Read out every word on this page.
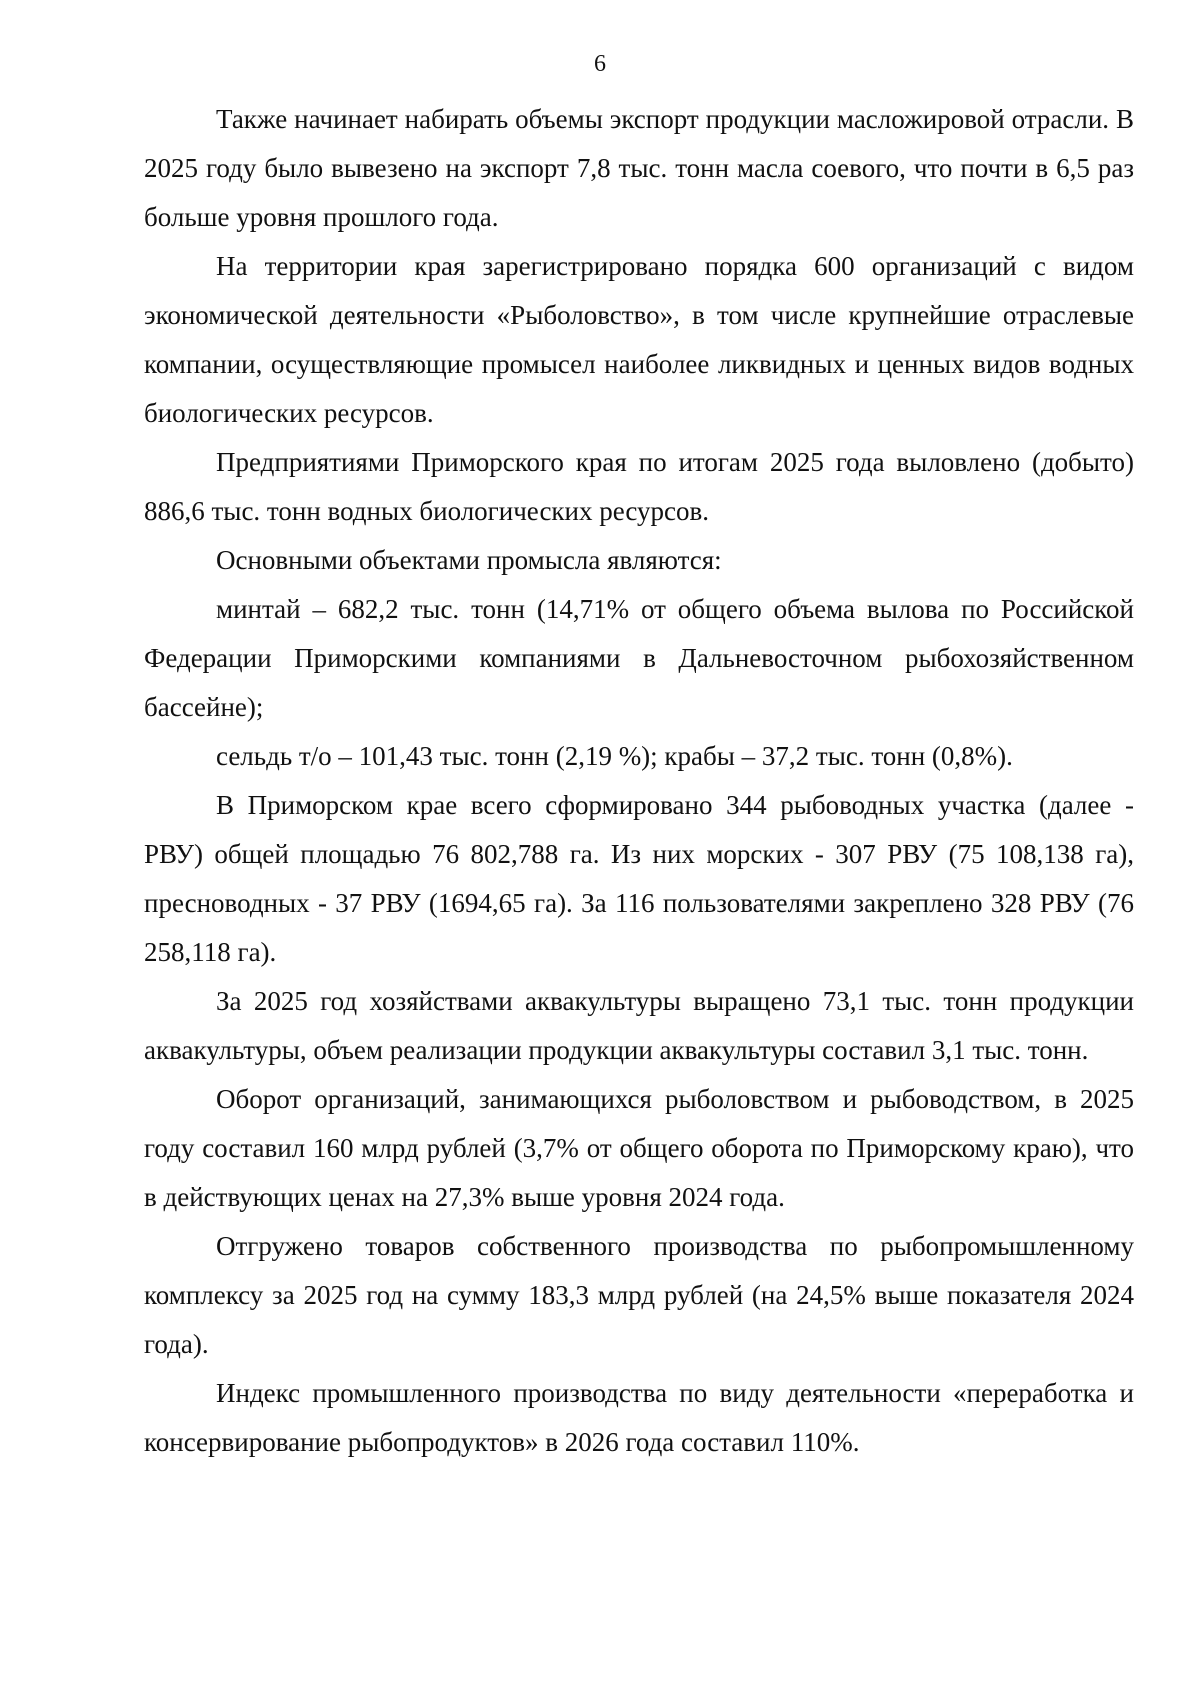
6

Также начинает набирать объемы экспорт продукции масложировой отрасли. В 2025 году было вывезено на экспорт 7,8 тыс. тонн масла соевого, что почти в 6,5 раз больше уровня прошлого года.

На территории края зарегистрировано порядка 600 организаций с видом экономической деятельности «Рыболовство», в том числе крупнейшие отраслевые компании, осуществляющие промысел наиболее ликвидных и ценных видов водных биологических ресурсов.

Предприятиями Приморского края по итогам 2025 года выловлено (добыто) 886,6 тыс. тонн водных биологических ресурсов.

Основными объектами промысла являются:

минтай – 682,2 тыс. тонн (14,71% от общего объема вылова по Российской Федерации Приморскими компаниями в Дальневосточном рыбохозяйственном бассейне);

сельдь т/о – 101,43 тыс. тонн (2,19 %); крабы – 37,2 тыс. тонн (0,8%).

В Приморском крае всего сформировано 344 рыбоводных участка (далее - РВУ) общей площадью 76 802,788 га. Из них морских - 307 РВУ (75 108,138 га), пресноводных - 37 РВУ (1694,65 га). За 116 пользователями закреплено 328 РВУ (76 258,118 га).

За 2025 год хозяйствами аквакультуры выращено 73,1 тыс. тонн продукции аквакультуры, объем реализации продукции аквакультуры составил 3,1 тыс. тонн.

Оборот организаций, занимающихся рыболовством и рыбоводством, в 2025 году составил 160 млрд рублей (3,7% от общего оборота по Приморскому краю), что в действующих ценах на 27,3% выше уровня 2024 года.

Отгружено товаров собственного производства по рыбопромышленному комплексу за 2025 год на сумму 183,3 млрд рублей (на 24,5% выше показателя 2024 года).

Индекс промышленного производства по виду деятельности «переработка и консервирование рыбопродуктов» в 2026 года составил 110%.
